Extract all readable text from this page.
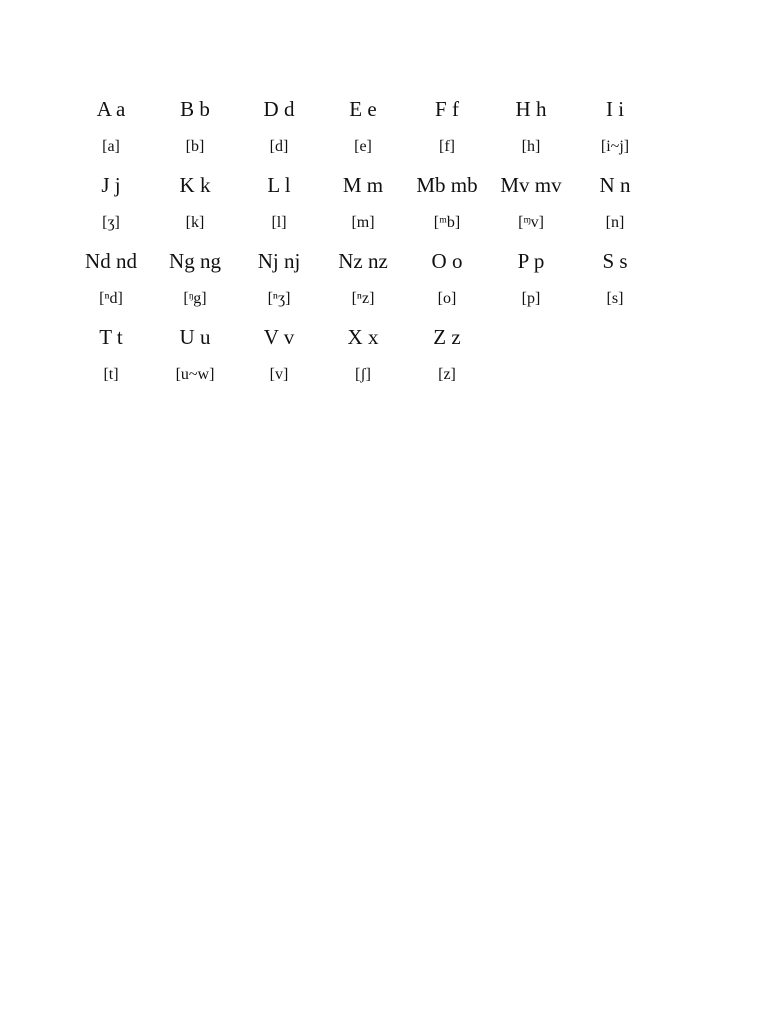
A a	B b	D d	E e	F f	H h	I i
[a]	[b]	[d]	[e]	[f]	[h]	[i~j]
J j	K k	L l	M m	Mb mb	Mv mv	N n
[ʒ]	[k]	[l]	[m]	[ᵐb]	[ᶬv]	[n]
Nd nd	Ng ng	Nj nj	Nz nz	O o	P p	S s
[ⁿd]	[ᵑg]	[ⁿʒ]	[ⁿz]	[o]	[p]	[s]
T t	U u	V v	X x	Z z
[t]	[u~w]	[v]	[ʃ]	[z]
